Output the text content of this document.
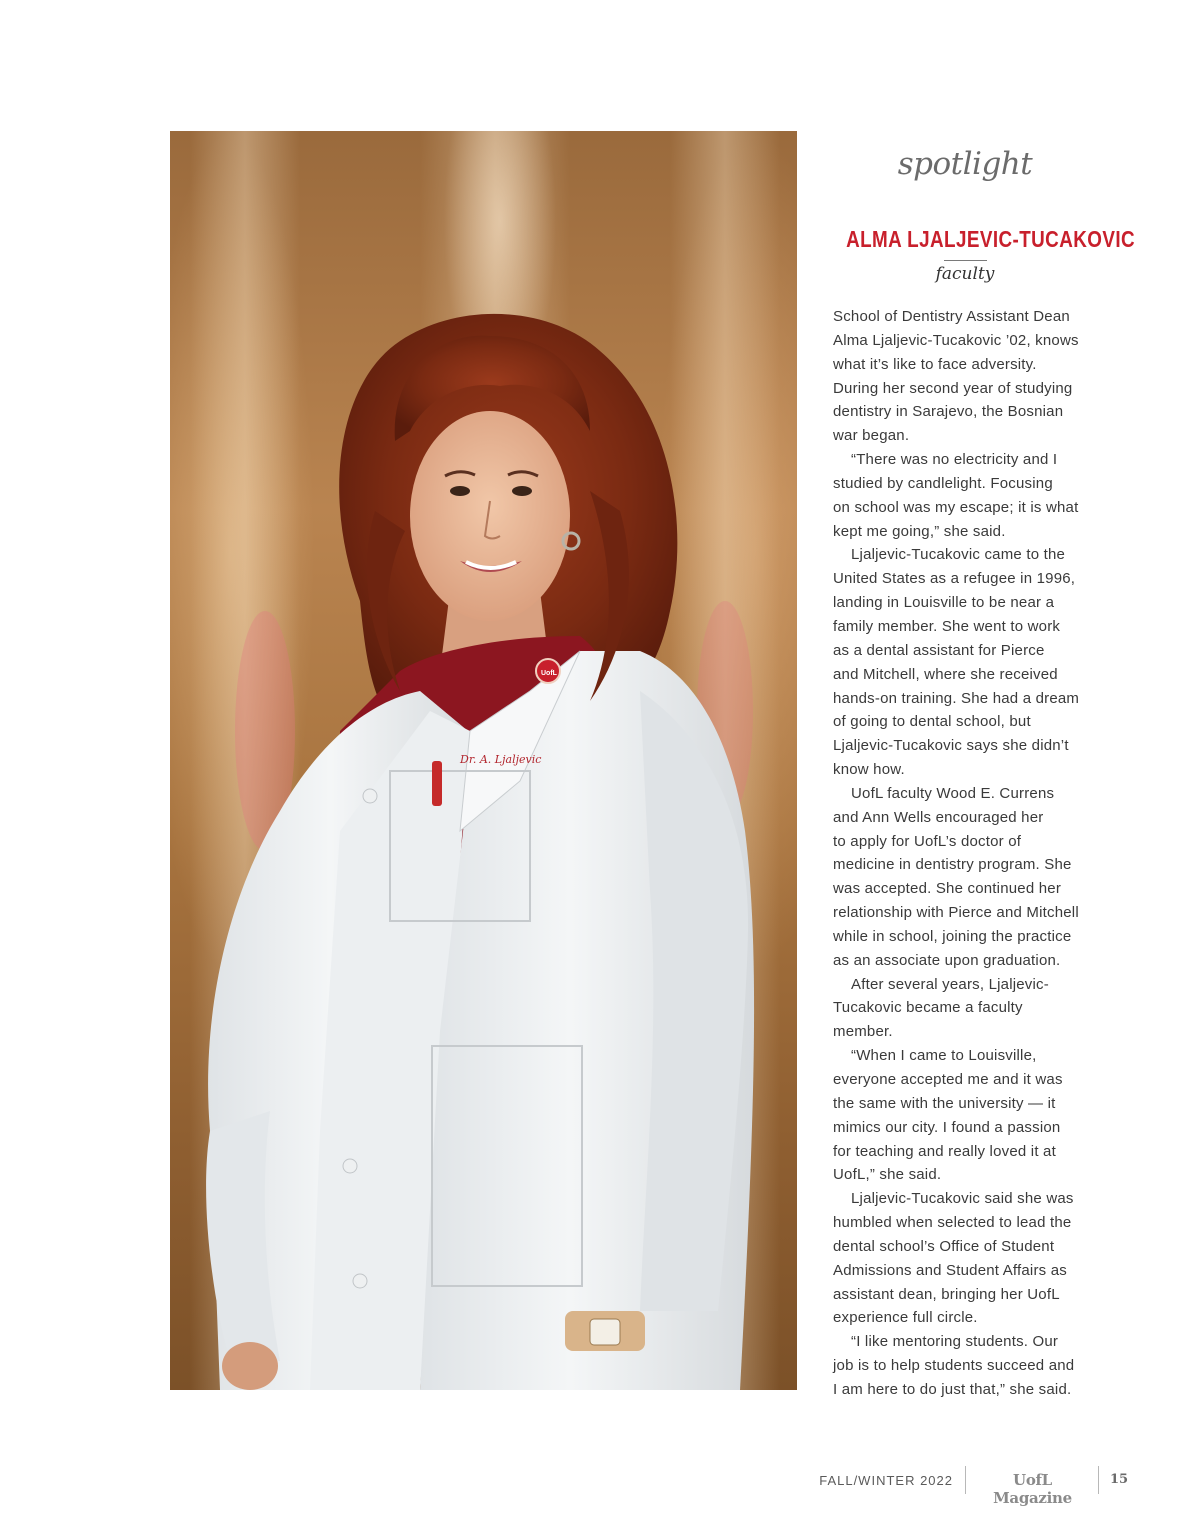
Dr. A. Ljaljevic
UofL
spotlight
ALMA LJALJEVIC-TUCAKOVIC
faculty
School of Dentistry Assistant Dean
Alma Ljaljevic-Tucakovic ’02, knows
what it’s like to face adversity.
During her second year of studying
dentistry in Sarajevo, the Bosnian
war began.
“There was no electricity and I
studied by candlelight. Focusing
on school was my escape; it is what
kept me going,” she said.
Ljaljevic-Tucakovic came to the
United States as a refugee in 1996,
landing in Louisville to be near a
family member. She went to work
as a dental assistant for Pierce
and Mitchell, where she received
hands-on training. She had a dream
of going to dental school, but
Ljaljevic-Tucakovic says she didn’t
know how.
UofL faculty Wood E. Currens
and Ann Wells encouraged her
to apply for UofL’s doctor of
medicine in dentistry program. She
was accepted. She continued her
relationship with Pierce and Mitchell
while in school, joining the practice
as an associate upon graduation.
After several years, Ljaljevic-
Tucakovic became a faculty
member.
“When I came to Louisville,
everyone accepted me and it was
the same with the university — it
mimics our city. I found a passion
for teaching and really loved it at
UofL,” she said.
Ljaljevic-Tucakovic said she was
humbled when selected to lead the
dental school’s Office of Student
Admissions and Student Affairs as
assistant dean, bringing her UofL
experience full circle.
“I like mentoring students. Our
job is to help students succeed and
I am here to do just that,” she said.
FALL/WINTER 2022	UofL Magazine
15
